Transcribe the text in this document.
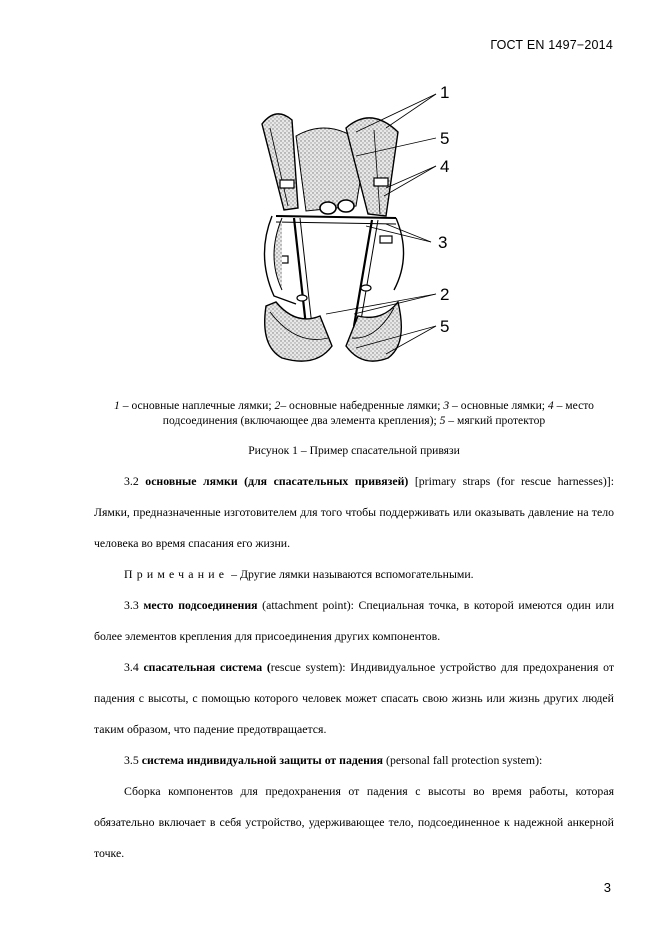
ГОСТ EN 1497−2014
1
5
4
3
2
5
1 – основные наплечные лямки; 2– основные набедренные лямки; 3 – основные лямки; 4 – место подсоединения (включающее два элемента крепления); 5 – мягкий протектор
Рисунок 1 – Пример спасательной привязи

3.2 основные лямки (для спасательных привязей) [primary straps (for rescue harnesses)]: Лямки, предназначенные изготовителем для того чтобы поддерживать или оказывать давление на тело человека во время спасания его жизни.

Примечание – Другие лямки называются вспомогательными.

3.3 место подсоединения (attachment point): Специальная точка, в которой имеются один или более элементов крепления для присоединения других компонентов.

3.4 спасательная система (rescue system): Индивидуальное устройство для предохранения от падения с высоты, с помощью которого человек может спасать свою жизнь или жизнь других людей таким образом, что падение предотвращается.

3.5 система индивидуальной защиты от падения (personal fall protection system):

Сборка компонентов для предохранения от падения с высоты во время работы, которая обязательно включает в себя устройство, удерживающее тело, подсоединенное к надежной анкерной точке.

3
